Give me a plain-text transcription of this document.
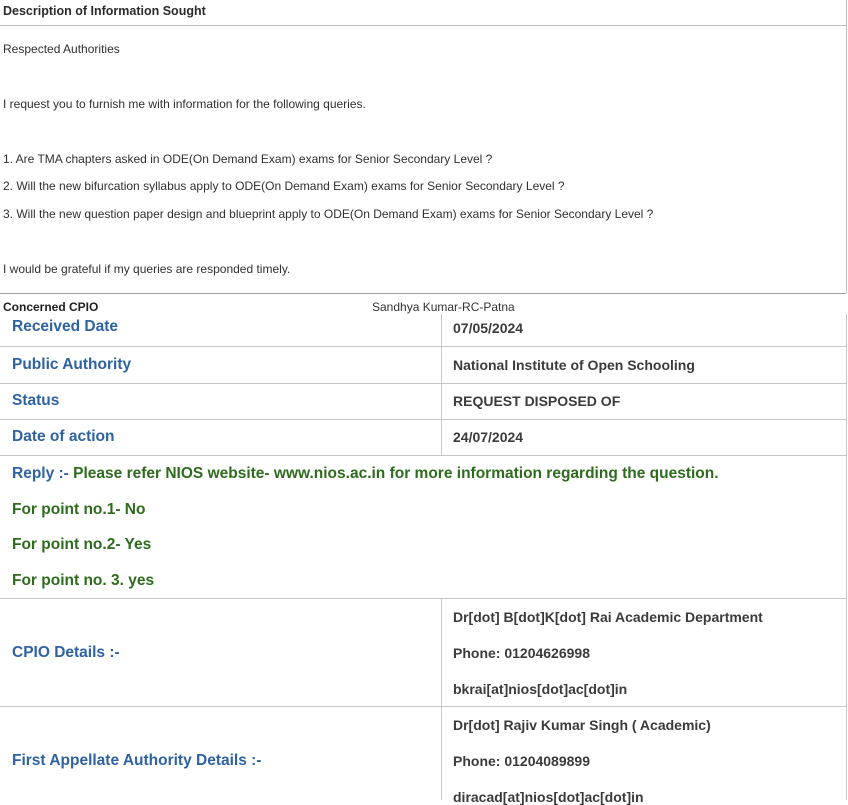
Description of Information Sought

Respected Authorities

I request you to furnish me with information for the following queries.

1. Are TMA chapters asked in ODE(On Demand Exam) exams for Senior Secondary Level ?

2. Will the new bifurcation syllabus apply to ODE(On Demand Exam) exams for Senior Secondary Level ?

3. Will the new question paper design and blueprint apply to ODE(On Demand Exam) exams for Senior Secondary Level ?

I would be grateful if my queries are responded timely.

Concerned CPIO	Sandhya Kumar-RC-Patna
Received Date	07/05/2024
Public Authority	National Institute of Open Schooling
Status	REQUEST DISPOSED OF
Date of action	24/07/2024

Reply :- Please refer NIOS website- www.nios.ac.in for more information regarding the question.

For point no.1- No

For point no.2- Yes

For point no. 3. yes

CPIO Details :-
Dr[dot] B[dot]K[dot] Rai Academic Department
Phone: 01204626998
bkrai[at]nios[dot]ac[dot]in
First Appellate Authority Details :-
Dr[dot] Rajiv Kumar Singh ( Academic)
Phone: 01204089899
diracad[at]nios[dot]ac[dot]in
